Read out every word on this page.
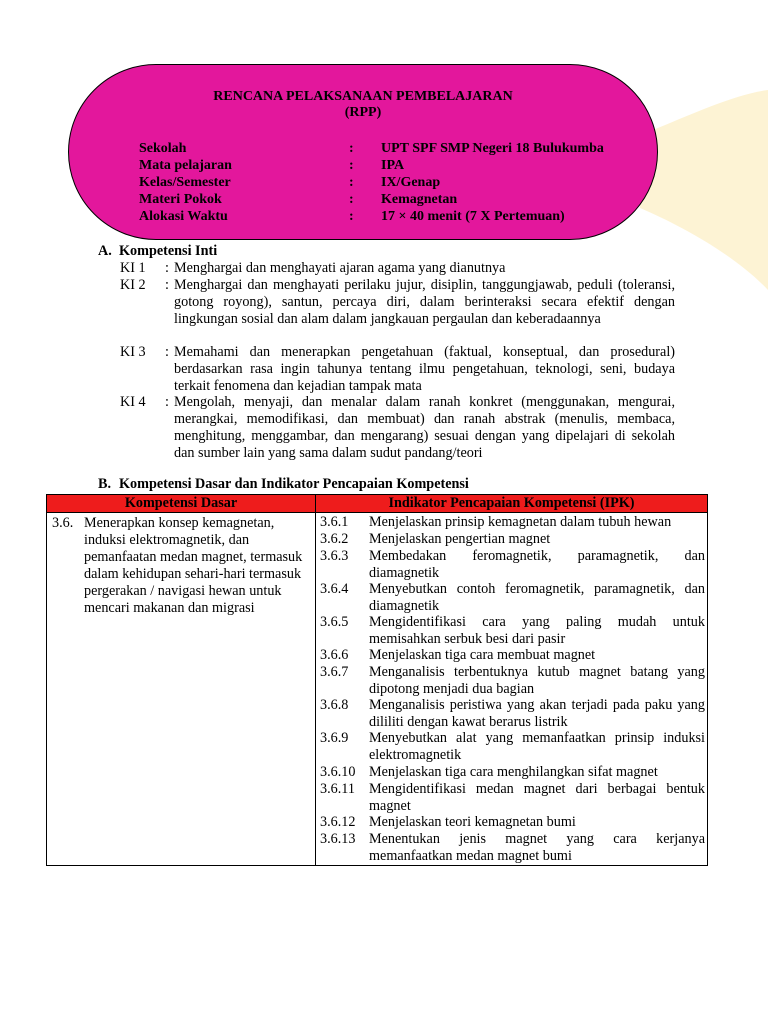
RENCANA PELAKSANAAN PEMBELAJARAN
(RPP)
Sekolah	: UPT SPF SMP Negeri 18 Bulukumba
Mata pelajaran	: IPA
Kelas/Semester	: IX/Genap
Materi Pokok	: Kemagnetan
Alokasi Waktu	: 17 × 40 menit (7 X Pertemuan)
A. Kompetensi Inti
KI 1 : Menghargai dan menghayati ajaran agama yang dianutnya
KI 2 : Menghargai dan menghayati perilaku jujur, disiplin, tanggungjawab, peduli (toleransi, gotong royong), santun, percaya diri, dalam berinteraksi secara efektif dengan lingkungan sosial dan alam dalam jangkauan pergaulan dan keberadaannya
KI 3 : Memahami dan menerapkan pengetahuan (faktual, konseptual, dan prosedural) berdasarkan rasa ingin tahunya tentang ilmu pengetahuan, teknologi, seni, budaya terkait fenomena dan kejadian tampak mata
KI 4 : Mengolah, menyaji, dan menalar dalam ranah konkret (menggunakan, mengurai, merangkai, memodifikasi, dan membuat) dan ranah abstrak (menulis, membaca, menghitung, menggambar, dan mengarang) sesuai dengan yang dipelajari di sekolah dan sumber lain yang sama dalam sudut pandang/teori
B. Kompetensi Dasar dan Indikator Pencapaian Kompetensi
Kompetensi Dasar	Indikator Pencapaian Kompetensi (IPK)
3.6. Menerapkan konsep kemagnetan, induksi elektromagnetik, dan pemanfaatan medan magnet, termasuk dalam kehidupan sehari-hari termasuk pergerakan / navigasi hewan untuk mencari makanan dan migrasi
3.6.1 Menjelaskan prinsip kemagnetan dalam tubuh hewan
3.6.2 Menjelaskan pengertian magnet
3.6.3 Membedakan feromagnetik, paramagnetik, dan diamagnetik
3.6.4 Menyebutkan contoh feromagnetik, paramagnetik, dan diamagnetik
3.6.5 Mengidentifikasi cara yang paling mudah untuk memisahkan serbuk besi dari pasir
3.6.6 Menjelaskan tiga cara membuat magnet
3.6.7 Menganalisis terbentuknya kutub magnet batang yang dipotong menjadi dua bagian
3.6.8 Menganalisis peristiwa yang akan terjadi pada paku yang dililiti dengan kawat berarus listrik
3.6.9 Menyebutkan alat yang memanfaatkan prinsip induksi elektromagnetik
3.6.10 Menjelaskan tiga cara menghilangkan sifat magnet
3.6.11 Mengidentifikasi medan magnet dari berbagai bentuk magnet
3.6.12 Menjelaskan teori kemagnetan bumi
3.6.13 Menentukan jenis magnet yang cara kerjanya memanfaatkan medan magnet bumi
